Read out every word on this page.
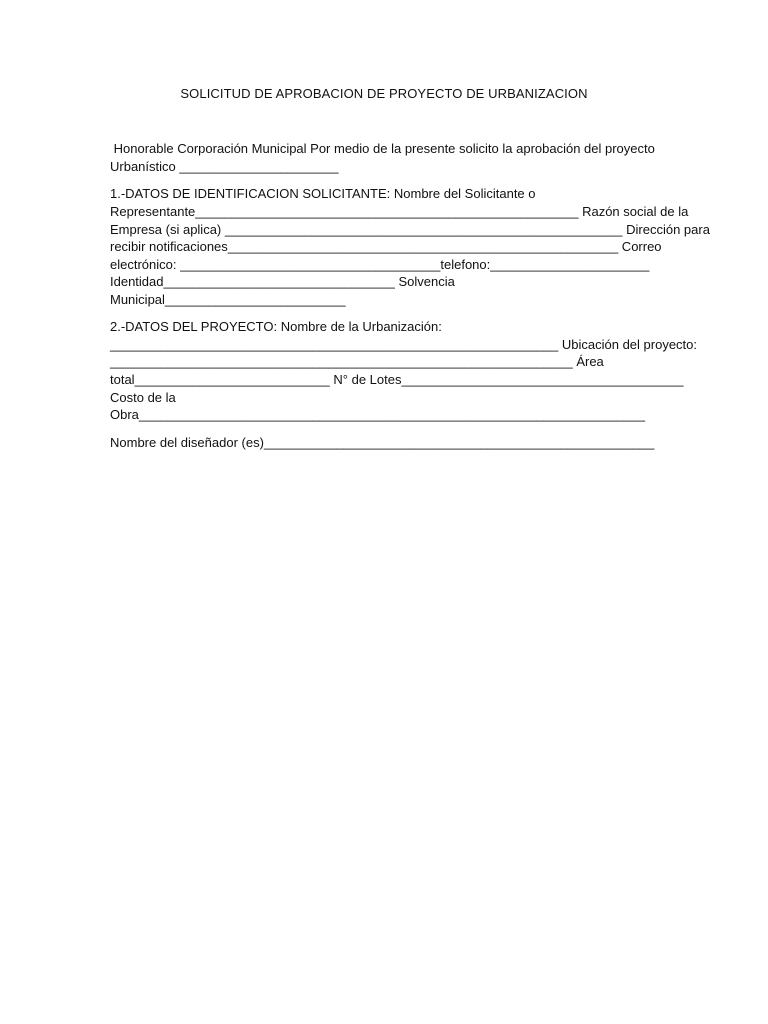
SOLICITUD DE APROBACION DE PROYECTO DE URBANIZACION
Honorable Corporación Municipal Por medio de la presente solicito la aprobación del proyecto
Urbanístico ______________________
1.-DATOS DE IDENTIFICACION SOLICITANTE: Nombre del Solicitante o
Representante_____________________________________________________ Razón social de la
Empresa (si aplica) _______________________________________________________ Dirección para
recibir notificaciones______________________________________________________ Correo
electrónico: ____________________________________telefono:______________________
Identidad________________________________ Solvencia
Municipal_________________________
2.-DATOS DEL PROYECTO: Nombre de la Urbanización:
______________________________________________________________ Ubicación del proyecto:
________________________________________________________________ Área
total___________________________ N° de Lotes_______________________________________
Costo de la
Obra______________________________________________________________________
Nombre del diseñador (es)______________________________________________________
